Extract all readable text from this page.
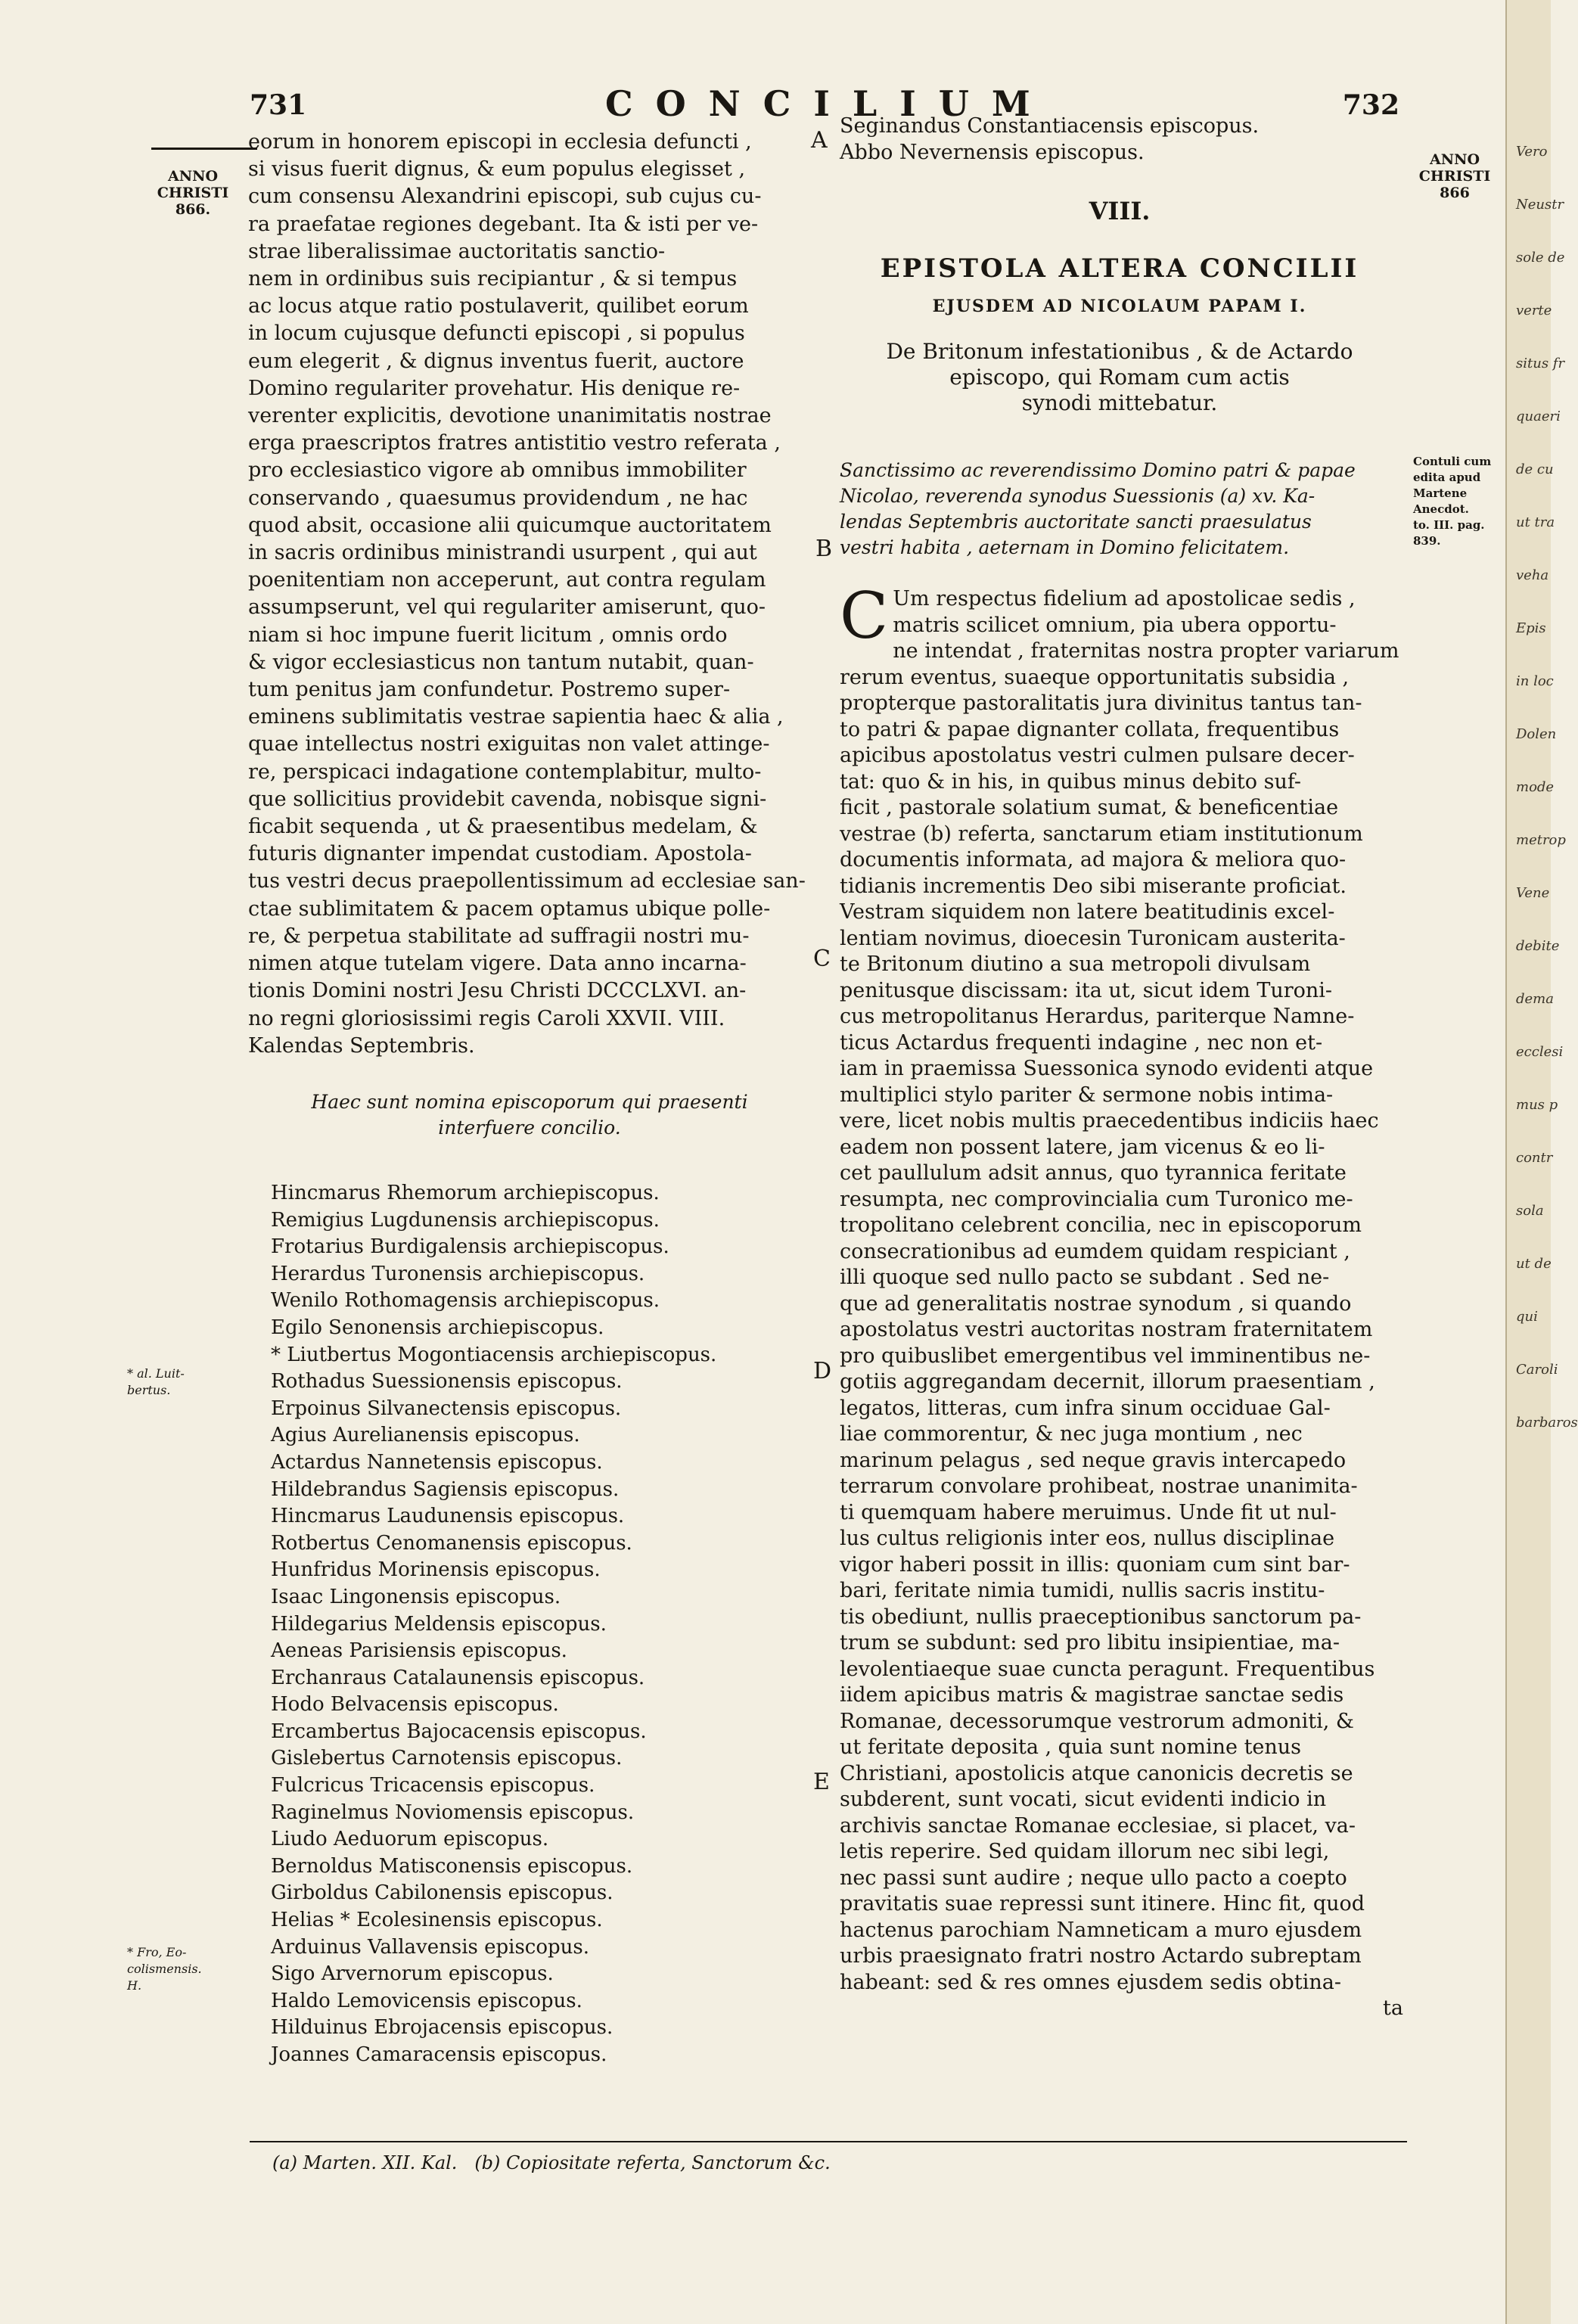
731	CONCILIUM	732
ANNO
CHRISTI
866.
* al. Luit-
bertus.
* Fro, Eo-
colismensis.
H.
ANNO
CHRISTI
866
Contuli cum
edita apud
Martene
Anecdot.
to. III. pag.
839.
A
B
C
D
E
eorum in honorem episcopi in ecclesia defuncti ,
si visus fuerit dignus, & eum populus elegisset ,
cum consensu Alexandrini episcopi, sub cujus cu-
ra praefatae regiones degebant. Ita & isti per ve-
strae liberalissimae auctoritatis sanctio-
nem in ordinibus suis recipiantur , & si tempus
ac locus atque ratio postulaverit, quilibet eorum
in locum cujusque defuncti episcopi , si populus
eum elegerit , & dignus inventus fuerit, auctore
Domino regulariter provehatur. His denique re-
verenter explicitis, devotione unanimitatis nostrae
erga praescriptos fratres antistitio vestro referata ,
pro ecclesiastico vigore ab omnibus immobiliter
conservando , quaesumus providendum , ne hac
quod absit, occasione alii quicumque auctoritatem
in sacris ordinibus ministrandi usurpent , qui aut
poenitentiam non acceperunt, aut contra regulam
assumpserunt, vel qui regulariter amiserunt, quo-
niam si hoc impune fuerit licitum , omnis ordo
& vigor ecclesiasticus non tantum nutabit, quan-
tum penitus jam confundetur. Postremo super-
eminens sublimitatis vestrae sapientia haec & alia ,
quae intellectus nostri exiguitas non valet attinge-
re, perspicaci indagatione contemplabitur, multo-
que sollicitius providebit cavenda, nobisque signi-
ficabit sequenda , ut & praesentibus medelam, &
futuris dignanter impendat custodiam. Apostola-
tus vestri decus praepollentissimum ad ecclesiae san-
ctae sublimitatem & pacem optamus ubique polle-
re, & perpetua stabilitate ad suffragii nostri mu-
nimen atque tutelam vigere. Data anno incarna-
tionis Domini nostri Jesu Christi DCCCLXVI. an-
no regni gloriosissimi regis Caroli XXVII. VIII.
Kalendas Septembris.
Haec sunt nomina episcoporum qui praesenti
interfuere concilio.
Hincmarus Rhemorum archiepiscopus.
Remigius Lugdunensis archiepiscopus.
Frotarius Burdigalensis archiepiscopus.
Herardus Turonensis archiepiscopus.
Wenilo Rothomagensis archiepiscopus.
Egilo Senonensis archiepiscopus.
* Liutbertus Mogontiacensis archiepiscopus.
Rothadus Suessionensis episcopus.
Erpoinus Silvanectensis episcopus.
Agius Aurelianensis episcopus.
Actardus Nannetensis episcopus.
Hildebrandus Sagiensis episcopus.
Hincmarus Laudunensis episcopus.
Rotbertus Cenomanensis episcopus.
Hunfridus Morinensis episcopus.
Isaac Lingonensis episcopus.
Hildegarius Meldensis episcopus.
Aeneas Parisiensis episcopus.
Erchanraus Catalaunensis episcopus.
Hodo Belvacensis episcopus.
Ercambertus Bajocacensis episcopus.
Gislebertus Carnotensis episcopus.
Fulcricus Tricacensis episcopus.
Raginelmus Noviomensis episcopus.
Liudo Aeduorum episcopus.
Bernoldus Matisconensis episcopus.
Girboldus Cabilonensis episcopus.
Helias * Ecolesinensis episcopus.
Arduinus Vallavensis episcopus.
Sigo Arvernorum episcopus.
Haldo Lemovicensis episcopus.
Hilduinus Ebrojacensis episcopus.
Joannes Camaracensis episcopus.
Seginandus Constantiacensis episcopus.
Abbo Nevernensis episcopus.
VIII.
EPISTOLA ALTERA CONCILII
EJUSDEM AD NICOLAUM PAPAM I.
De Britonum infestationibus , & de Actardo
episcopo, qui Romam cum actis
synodi mittebatur.
Sanctissimo ac reverendissimo Domino patri & papae
Nicolao, reverenda synodus Suessionis (a) xv. Ka-
lendas Septembris auctoritate sancti praesulatus
vestri habita , aeternam in Domino felicitatem.
C Um respectus fidelium ad apostolicae sedis ,
matris scilicet omnium, pia ubera opportu-
ne intendat , fraternitas nostra propter variarum
rerum eventus, suaeque opportunitatis subsidia ,
propterque pastoralitatis jura divinitus tantus tan-
to patri & papae dignanter collata, frequentibus
apicibus apostolatus vestri culmen pulsare decer-
tat: quo & in his, in quibus minus debito suf-
ficit , pastorale solatium sumat, & beneficentiae
vestrae (b) referta, sanctarum etiam institutionum
documentis informata, ad majora & meliora quo-
tidianis incrementis Deo sibi miserante proficiat.
Vestram siquidem non latere beatitudinis excel-
lentiam novimus, dioecesin Turonicam austerita-
te Britonum diutino a sua metropoli divulsam
penitusque discissam: ita ut, sicut idem Turoni-
cus metropolitanus Herardus, pariterque Namne-
ticus Actardus frequenti indagine , nec non et-
iam in praemissa Suessonica synodo evidenti atque
multiplici stylo pariter & sermone nobis intima-
vere, licet nobis multis praecedentibus indiciis haec
eadem non possent latere, jam vicenus & eo li-
cet paullulum adsit annus, quo tyrannica feritate
resumpta, nec comprovincialia cum Turonico me-
tropolitano celebrent concilia, nec in episcoporum
consecrationibus ad eumdem quidam respiciant ,
illi quoque sed nullo pacto se subdant . Sed ne-
que ad generalitatis nostrae synodum , si quando
apostolatus vestri auctoritas nostram fraternitatem
pro quibuslibet emergentibus vel imminentibus ne-
gotiis aggregandam decernit, illorum praesentiam ,
legatos, litteras, cum infra sinum occiduae Gal-
liae commorentur, & nec juga montium , nec
marinum pelagus , sed neque gravis intercapedo
terrarum convolare prohibeat, nostrae unanimita-
ti quemquam habere meruimus. Unde fit ut nul-
lus cultus religionis inter eos, nullus disciplinae
vigor haberi possit in illis: quoniam cum sint bar-
bari, feritate nimia tumidi, nullis sacris institu-
tis obediunt, nullis praeceptionibus sanctorum pa-
trum se subdunt: sed pro libitu insipientiae, ma-
levolentiaeque suae cuncta peragunt. Frequentibus
iidem apicibus matris & magistrae sanctae sedis
Romanae, decessorumque vestrorum admoniti, &
ut feritate deposita , quia sunt nomine tenus
Christiani, apostolicis atque canonicis decretis se
subderent, sunt vocati, sicut evidenti indicio in
archivis sanctae Romanae ecclesiae, si placet, va-
letis reperire. Sed quidam illorum nec sibi legi,
nec passi sunt audire ; neque ullo pacto a coepto
pravitatis suae repressi sunt itinere. Hinc fit, quod
hactenus parochiam Namneticam a muro ejusdem
urbis praesignato fratri nostro Actardo subreptam
habeant: sed & res omnes ejusdem sedis obtina-
ta
(a) Marten. XII. Kal.   (b) Copiositate referta, Sanctorum &c.
Vero
Neustr
sole de
verte
situs fr
quaeri
de cu
ut tra
veha
Epis
in loc
Dolen
mode
metrop
Vene
debite
dema
ecclesi
mus p
contr
sola
ut de
qui
Caroli
barbaros
